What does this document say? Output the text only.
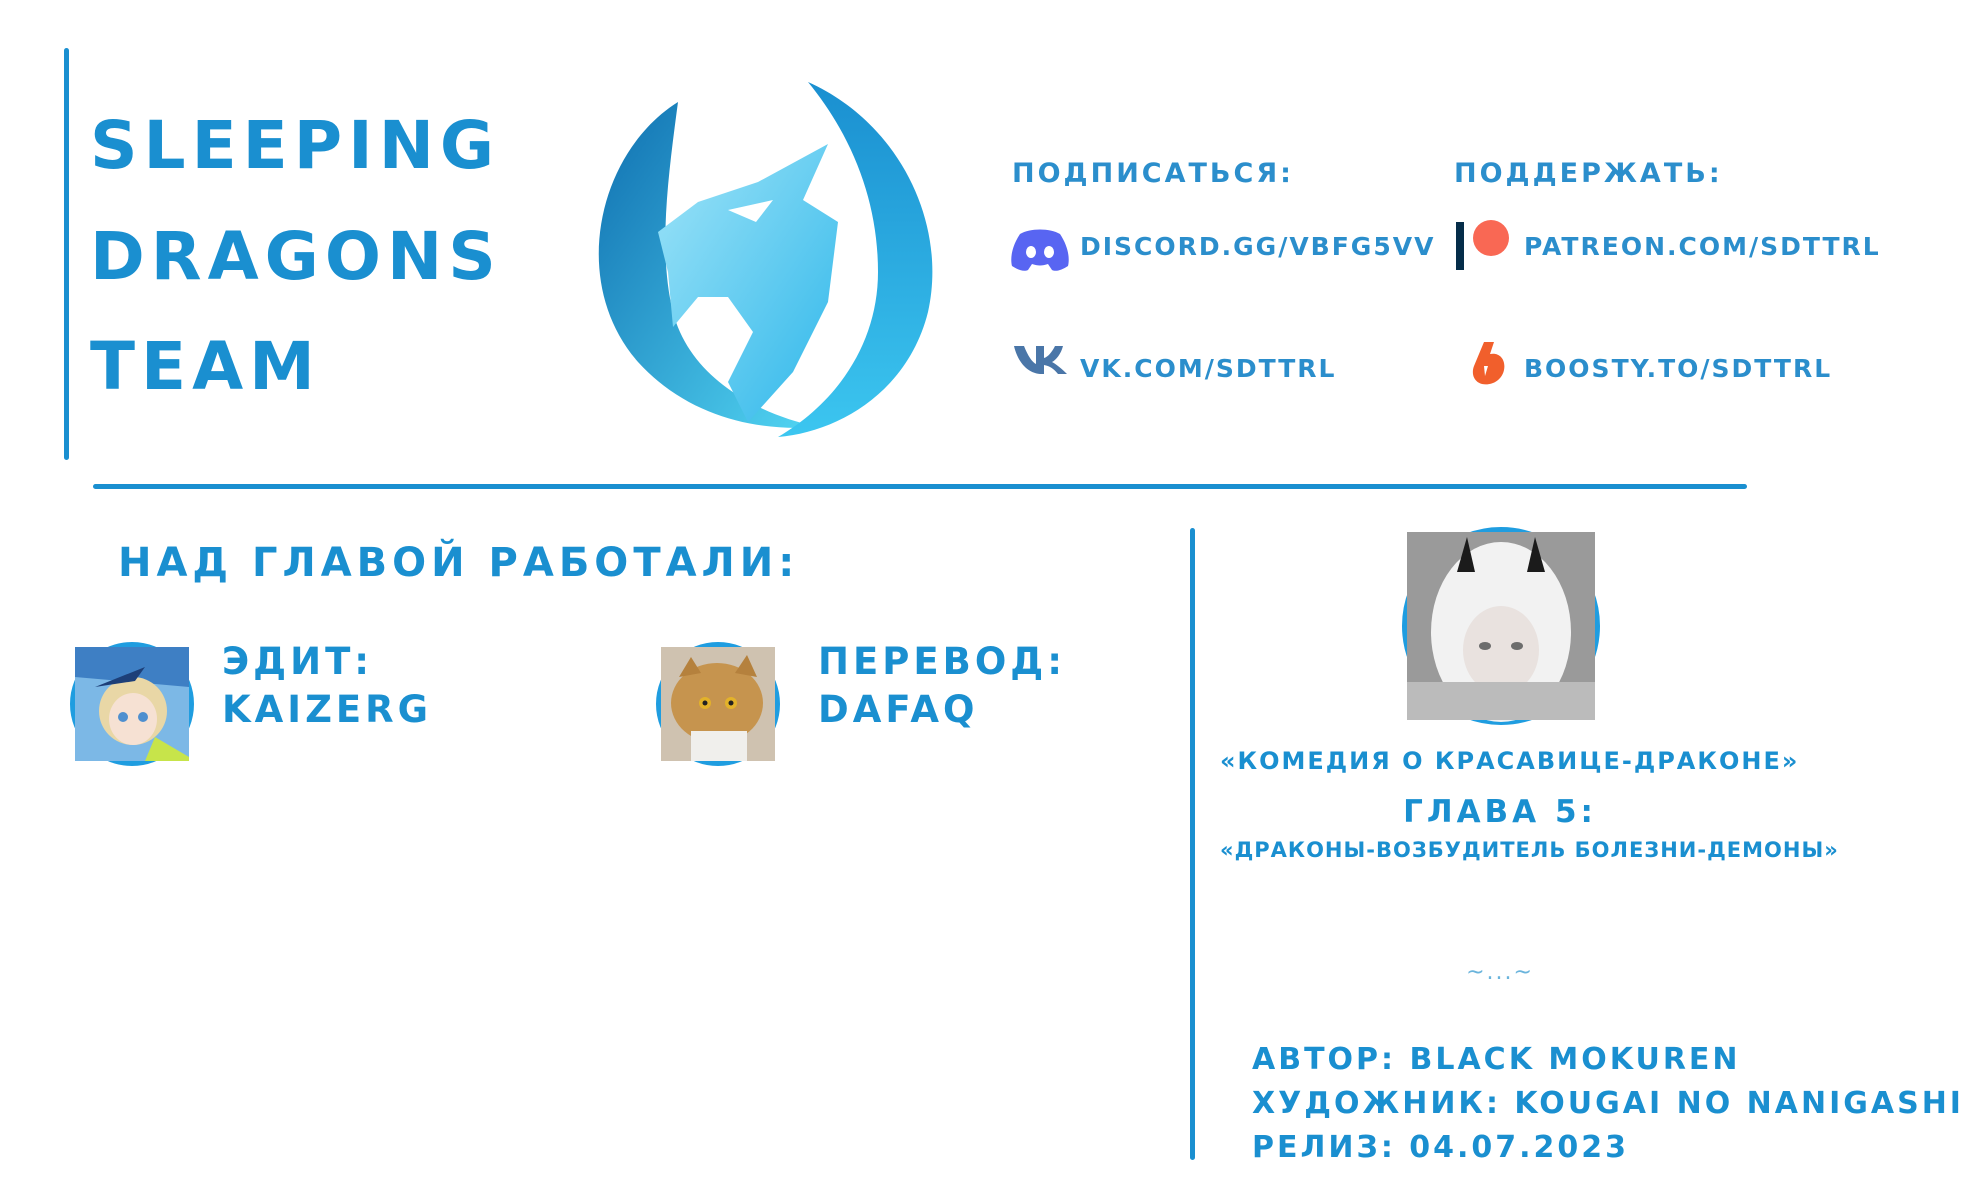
SLEEPING
DRAGONS
TEAM
ПОДПИСАТЬСЯ:
DISCORD.GG/VBFG5VV
VK.COM/SDTTRL
ПОДДЕРЖАТЬ:
PATREON.COM/SDTTRL
BOOSTY.TO/SDTTRL
НАД ГЛАВОЙ РАБОТАЛИ:
ЭДИТ:
KAIZERG
ПЕРЕВОД:
DAFAQ
«КОМЕДИЯ О КРАСАВИЦЕ-ДРАКОНЕ»
ГЛАВА 5:
«ДРАКОНЫ-ВОЗБУДИТЕЛЬ БОЛЕЗНИ-ДЕМОНЫ»
~...~
АВТОР: BLACK MOKUREN
ХУДОЖНИК: KOUGAI NO NANIGASHI
РЕЛИЗ: 04.07.2023
